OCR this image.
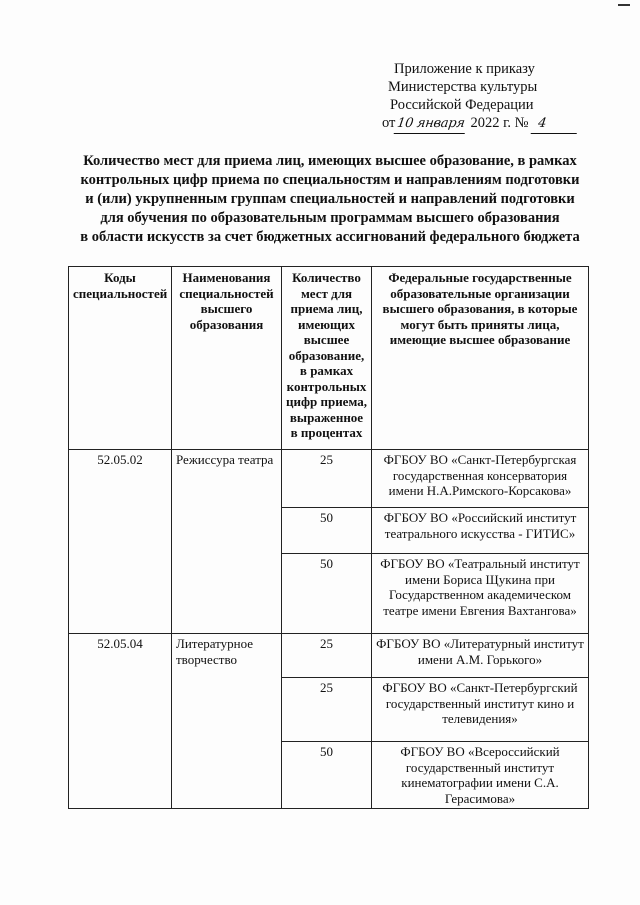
Приложение к приказу
Министерства культуры
Российской Федерации
от10 января 2022 г. № 4
Количество мест для приема лиц, имеющих высшее образование, в рамках
контрольных цифр приема по специальностям и направлениям подготовки
и (или) укрупненным группам специальностей и направлений подготовки
для обучения по образовательным программам высшего образования
в области искусств за счет бюджетных ассигнований федерального бюджета
Коды специальностей	Наименования специальностей высшего образования	Количество мест для приема лиц, имеющих высшее образование, в рамках контрольных цифр приема, выраженное в процентах	Федеральные государственные образовательные организации высшего образования, в которые могут быть приняты лица, имеющие высшее образование
52.05.02	Режиссура театра	25	ФГБОУ ВО «Санкт-Петербургская государственная консерватория имени Н.А.Римского-Корсакова»
		50	ФГБОУ ВО «Российский институт театрального искусства - ГИТИС»
		50	ФГБОУ ВО «Театральный институт имени Бориса Щукина при Государственном академическом театре имени Евгения Вахтангова»
52.05.04	Литературное творчество	25	ФГБОУ ВО «Литературный институт имени А.М. Горького»
		25	ФГБОУ ВО «Санкт-Петербургский государственный институт кино и телевидения»
		50	ФГБОУ ВО «Всероссийский государственный институт кинематографии имени С.А. Герасимова»
